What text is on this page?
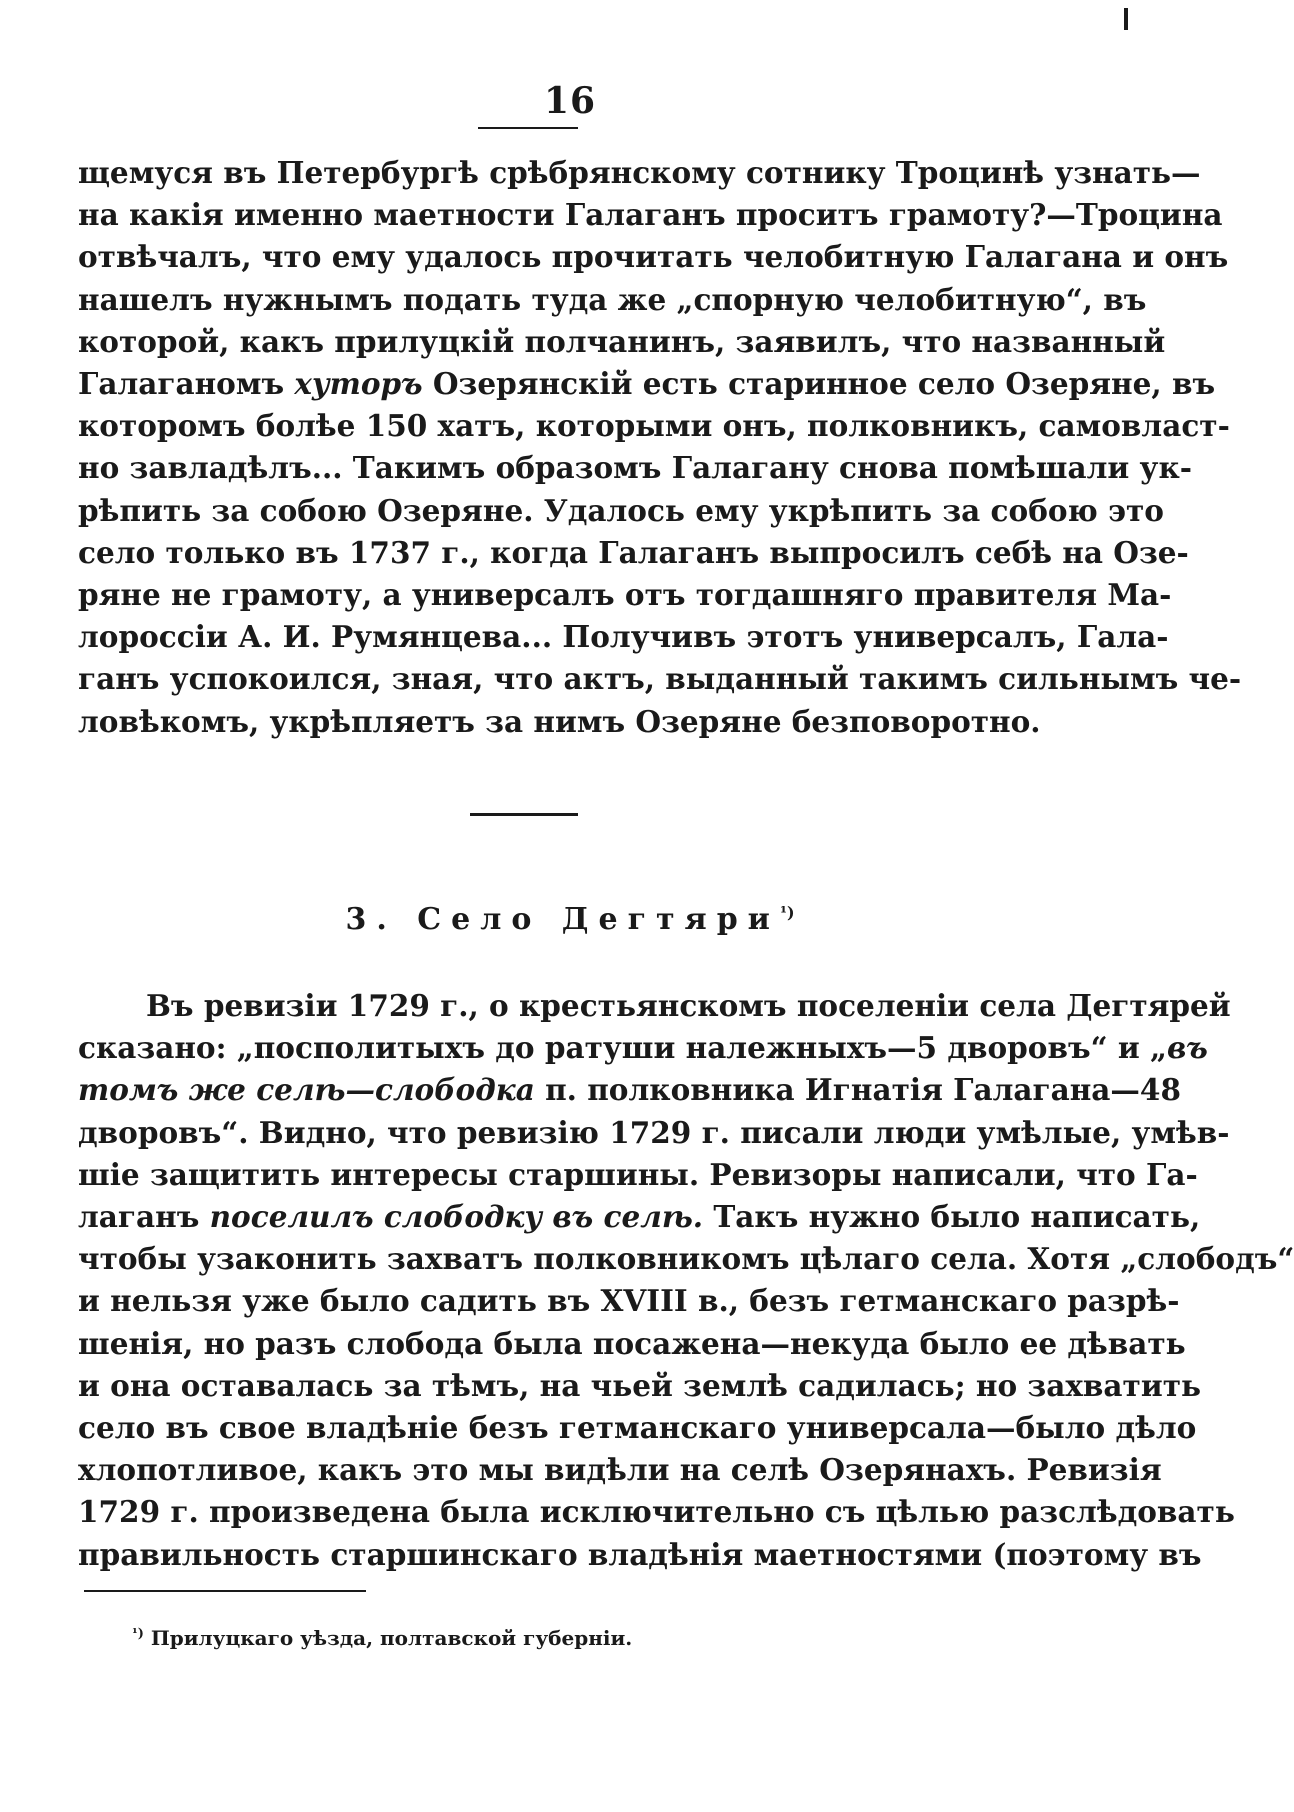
16
щемуся въ Петербургѣ срѣбрянскому сотнику Троцинѣ узнать—
на какія именно маетности Галаганъ проситъ грамоту?—Троцина
отвѣчалъ, что ему удалось прочитать челобитную Галагана и онъ
нашелъ нужнымъ подать туда же „спорную челобитную“, въ
которой, какъ прилуцкій полчанинъ, заявилъ, что названный
Галаганомъ хуторъ Озерянскій есть старинное село Озеряне, въ
которомъ болѣе 150 хатъ, которыми онъ, полковникъ, самовласт-
но завладѣлъ... Такимъ образомъ Галагану снова помѣшали ук-
рѣпить за собою Озеряне. Удалось ему укрѣпить за собою это
село только въ 1737 г., когда Галаганъ выпросилъ себѣ на Озе-
ряне не грамоту, а универсалъ отъ тогдашняго правителя Ма-
лороссіи А. И. Румянцева... Получивъ этотъ универсалъ, Гала-
ганъ успокоился, зная, что актъ, выданный такимъ сильнымъ че-
ловѣкомъ, укрѣпляетъ за нимъ Озеряне безповоротно.
3. Село Дегтяри$^{^1)}$
Въ ревизіи 1729 г., о крестьянскомъ поселеніи села Дегтярей
сказано: „посполитыхъ до ратуши належныхъ—5 дворовъ“ и „въ
томъ же селѣ—слободка п. полковника Игнатія Галагана—48
дворовъ“. Видно, что ревизію 1729 г. писали люди умѣлые, умѣв-
шіе защитить интересы старшины. Ревизоры написали, что Га-
лаганъ поселилъ слободку въ селѣ. Такъ нужно было написать,
чтобы узаконить захватъ полковникомъ цѣлаго села. Хотя „слободъ“
и нельзя уже было садить въ XVIII в., безъ гетманскаго разрѣ-
шенія, но разъ слобода была посажена—некуда было ее дѣвать
и она оставалась за тѣмъ, на чьей землѣ садилась; но захватить
село въ свое владѣніе безъ гетманскаго универсала—было дѣло
хлопотливое, какъ это мы видѣли на селѣ Озерянахъ. Ревизія
1729 г. произведена была исключительно съ цѣлью разслѣдовать
правильность старшинскаго владѣнія маетностями (поэтому въ
$^{^1)}$ Прилуцкаго уѣзда, полтавской губерніи.
